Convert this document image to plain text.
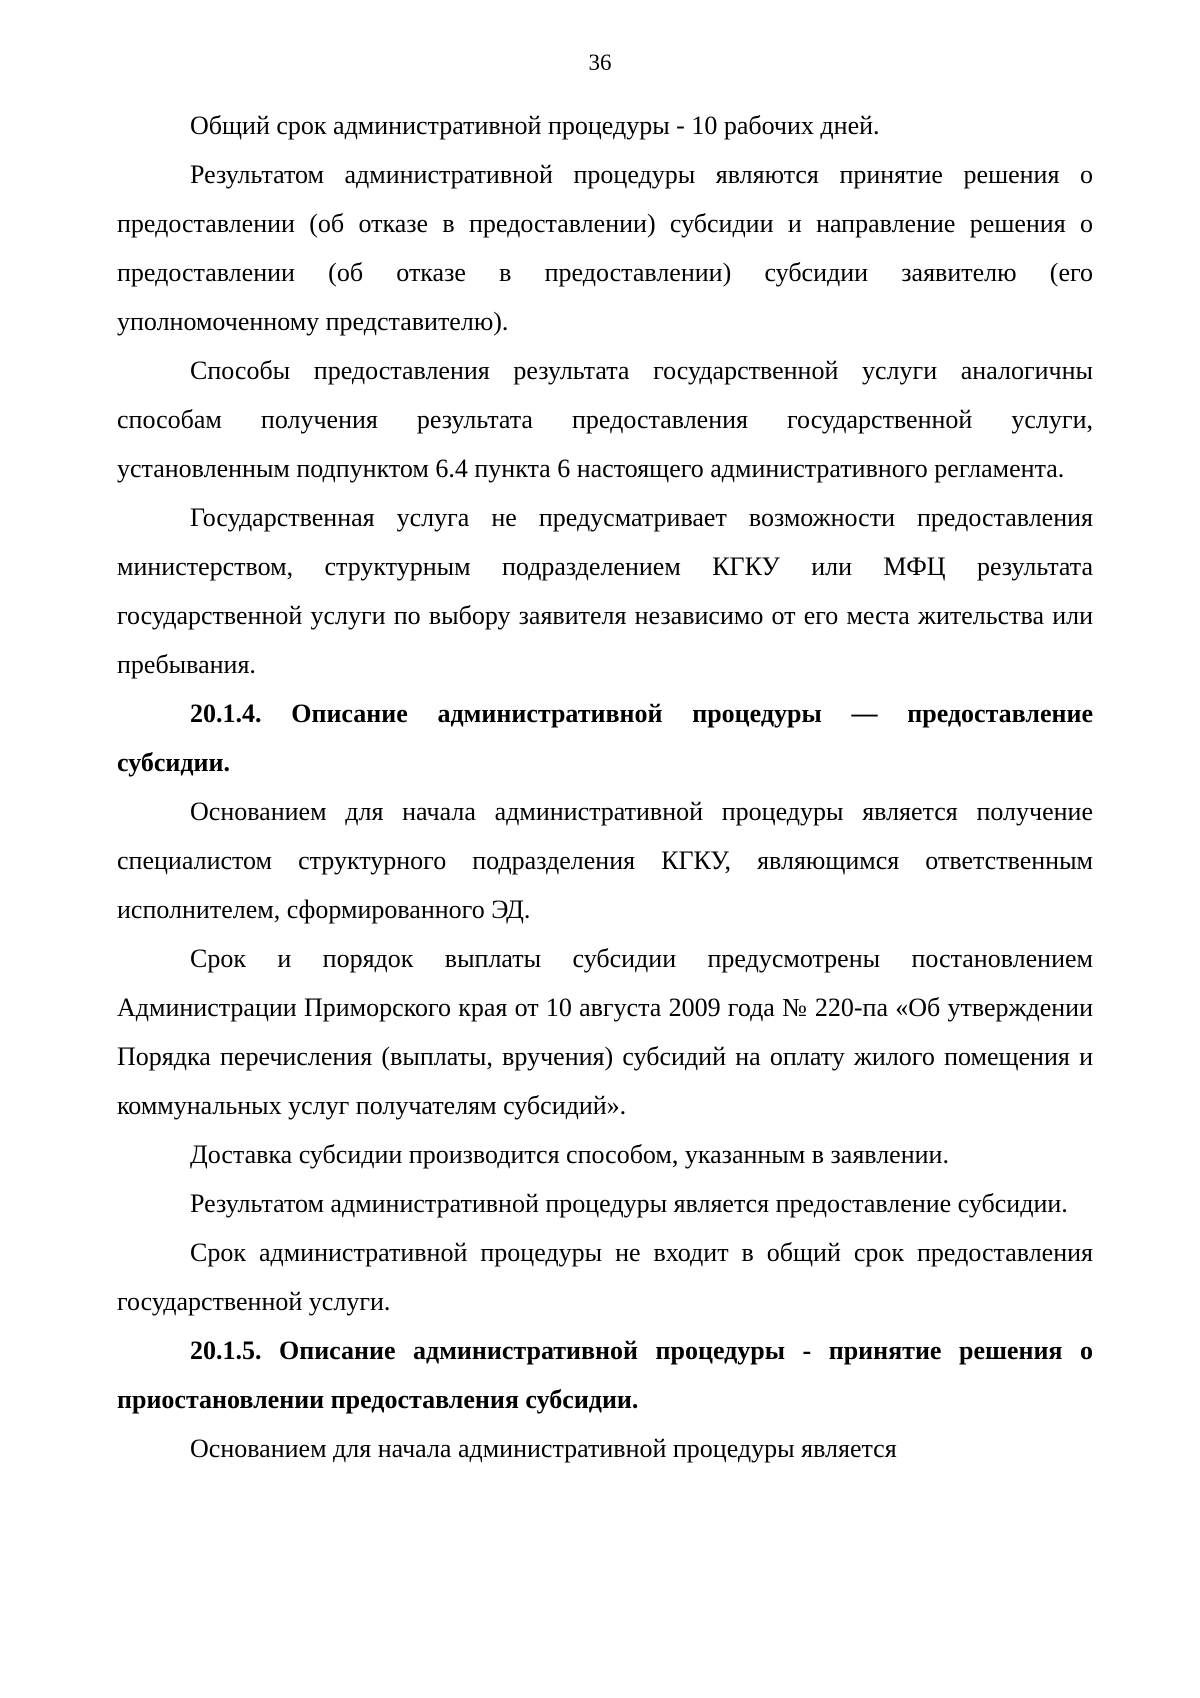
36

Общий срок административной процедуры - 10 рабочих дней.

Результатом административной процедуры являются принятие решения о предоставлении (об отказе в предоставлении) субсидии и направление решения о предоставлении (об отказе в предоставлении) субсидии заявителю (его уполномоченному представителю).

Способы предоставления результата государственной услуги аналогичны способам получения результата предоставления государственной услуги, установленным подпунктом 6.4 пункта 6 настоящего административного регламента.

Государственная услуга не предусматривает возможности предоставления министерством, структурным подразделением КГКУ или МФЦ результата государственной услуги по выбору заявителя независимо от его места жительства или пребывания.

20.1.4. Описание административной процедуры — предоставление субсидии.

Основанием для начала административной процедуры является получение специалистом структурного подразделения КГКУ, являющимся ответственным исполнителем, сформированного ЭД.

Срок и порядок выплаты субсидии предусмотрены постановлением Администрации Приморского края от 10 августа 2009 года № 220-па «Об утверждении Порядка перечисления (выплаты, вручения) субсидий на оплату жилого помещения и коммунальных услуг получателям субсидий».

Доставка субсидии производится способом, указанным в заявлении.

Результатом административной процедуры является предоставление субсидии.

Срок административной процедуры не входит в общий срок предоставления государственной услуги.

20.1.5. Описание административной процедуры - принятие решения о приостановлении предоставления субсидии.

Основанием для начала административной процедуры является
